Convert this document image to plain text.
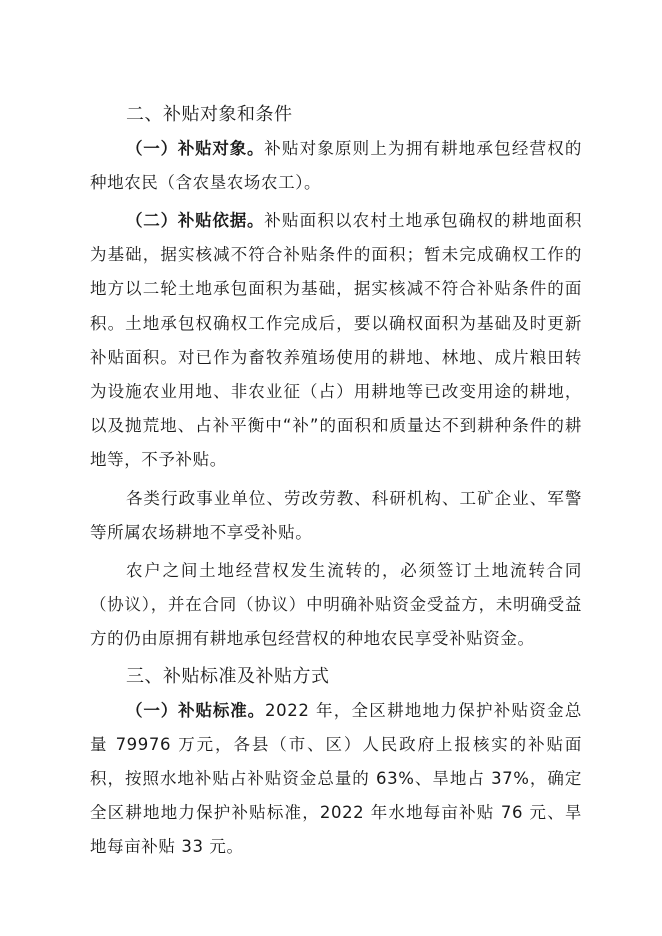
二、补贴对象和条件

（一）补贴对象。补贴对象原则上为拥有耕地承包经营权的种地农民（含农垦农场农工）。

（二）补贴依据。补贴面积以农村土地承包确权的耕地面积为基础，据实核减不符合补贴条件的面积；暂未完成确权工作的地方以二轮土地承包面积为基础，据实核减不符合补贴条件的面积。土地承包权确权工作完成后，要以确权面积为基础及时更新补贴面积。对已作为畜牧养殖场使用的耕地、林地、成片粮田转为设施农业用地、非农业征（占）用耕地等已改变用途的耕地，以及抛荒地、占补平衡中“补”的面积和质量达不到耕种条件的耕地等，不予补贴。

各类行政事业单位、劳改劳教、科研机构、工矿企业、军警等所属农场耕地不享受补贴。

农户之间土地经营权发生流转的，必须签订土地流转合同（协议），并在合同（协议）中明确补贴资金受益方，未明确受益方的仍由原拥有耕地承包经营权的种地农民享受补贴资金。

三、补贴标准及补贴方式

（一）补贴标准。2022 年，全区耕地地力保护补贴资金总量 79976 万元，各县（市、区）人民政府上报核实的补贴面积，按照水地补贴占补贴资金总量的 63%、旱地占 37%，确定全区耕地地力保护补贴标准，2022 年水地每亩补贴 76 元、旱地每亩补贴 33 元。
